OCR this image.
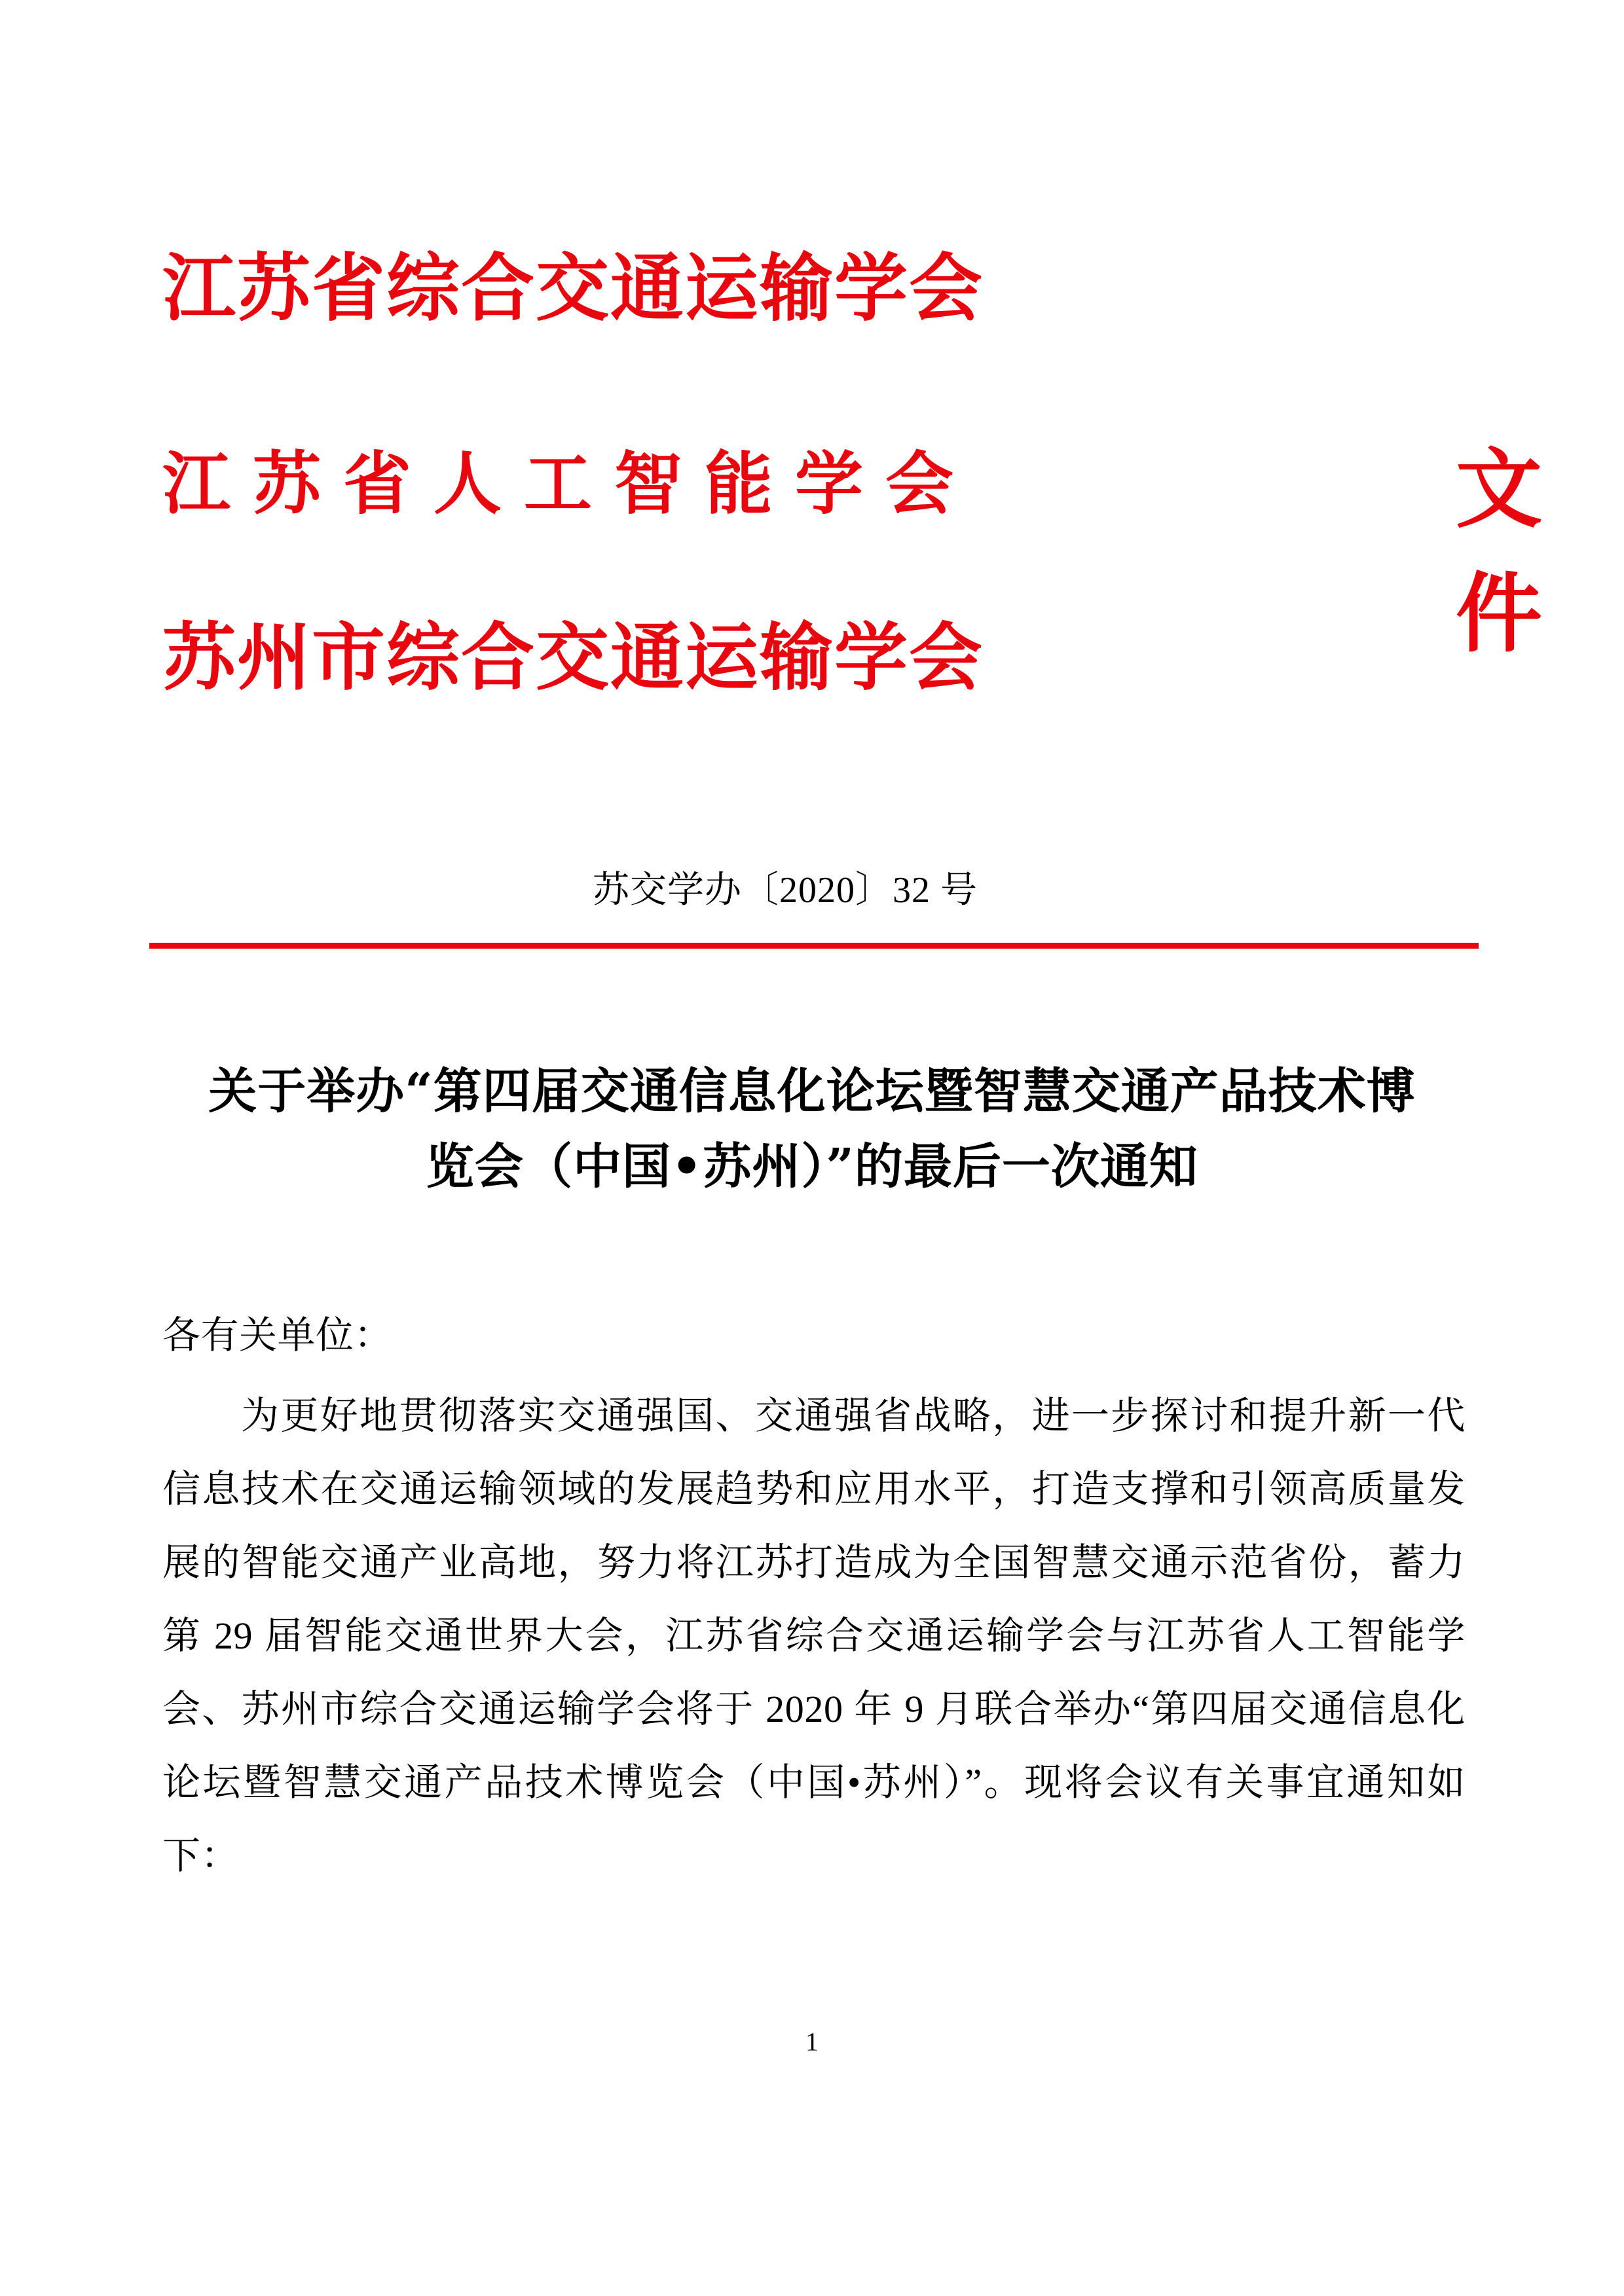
江苏省综合交通运输学会
江苏省人工智能学会	文件
苏州市综合交通运输学会
苏交学办〔2020〕32 号
关于举办“第四届交通信息化论坛暨智慧交通产品技术博览会（中国•苏州）”的最后一次通知
各有关单位：
为更好地贯彻落实交通强国、交通强省战略，进一步探讨和提升新一代信息技术在交通运输领域的发展趋势和应用水平，打造支撑和引领高质量发展的智能交通产业高地，努力将江苏打造成为全国智慧交通示范省份，蓄力第 29 届智能交通世界大会，江苏省综合交通运输学会与江苏省人工智能学会、苏州市综合交通运输学会将于 2020 年 9 月联合举办“第四届交通信息化论坛暨智慧交通产品技术博览会（中国•苏州）”。现将会议有关事宜通知如下：
1
